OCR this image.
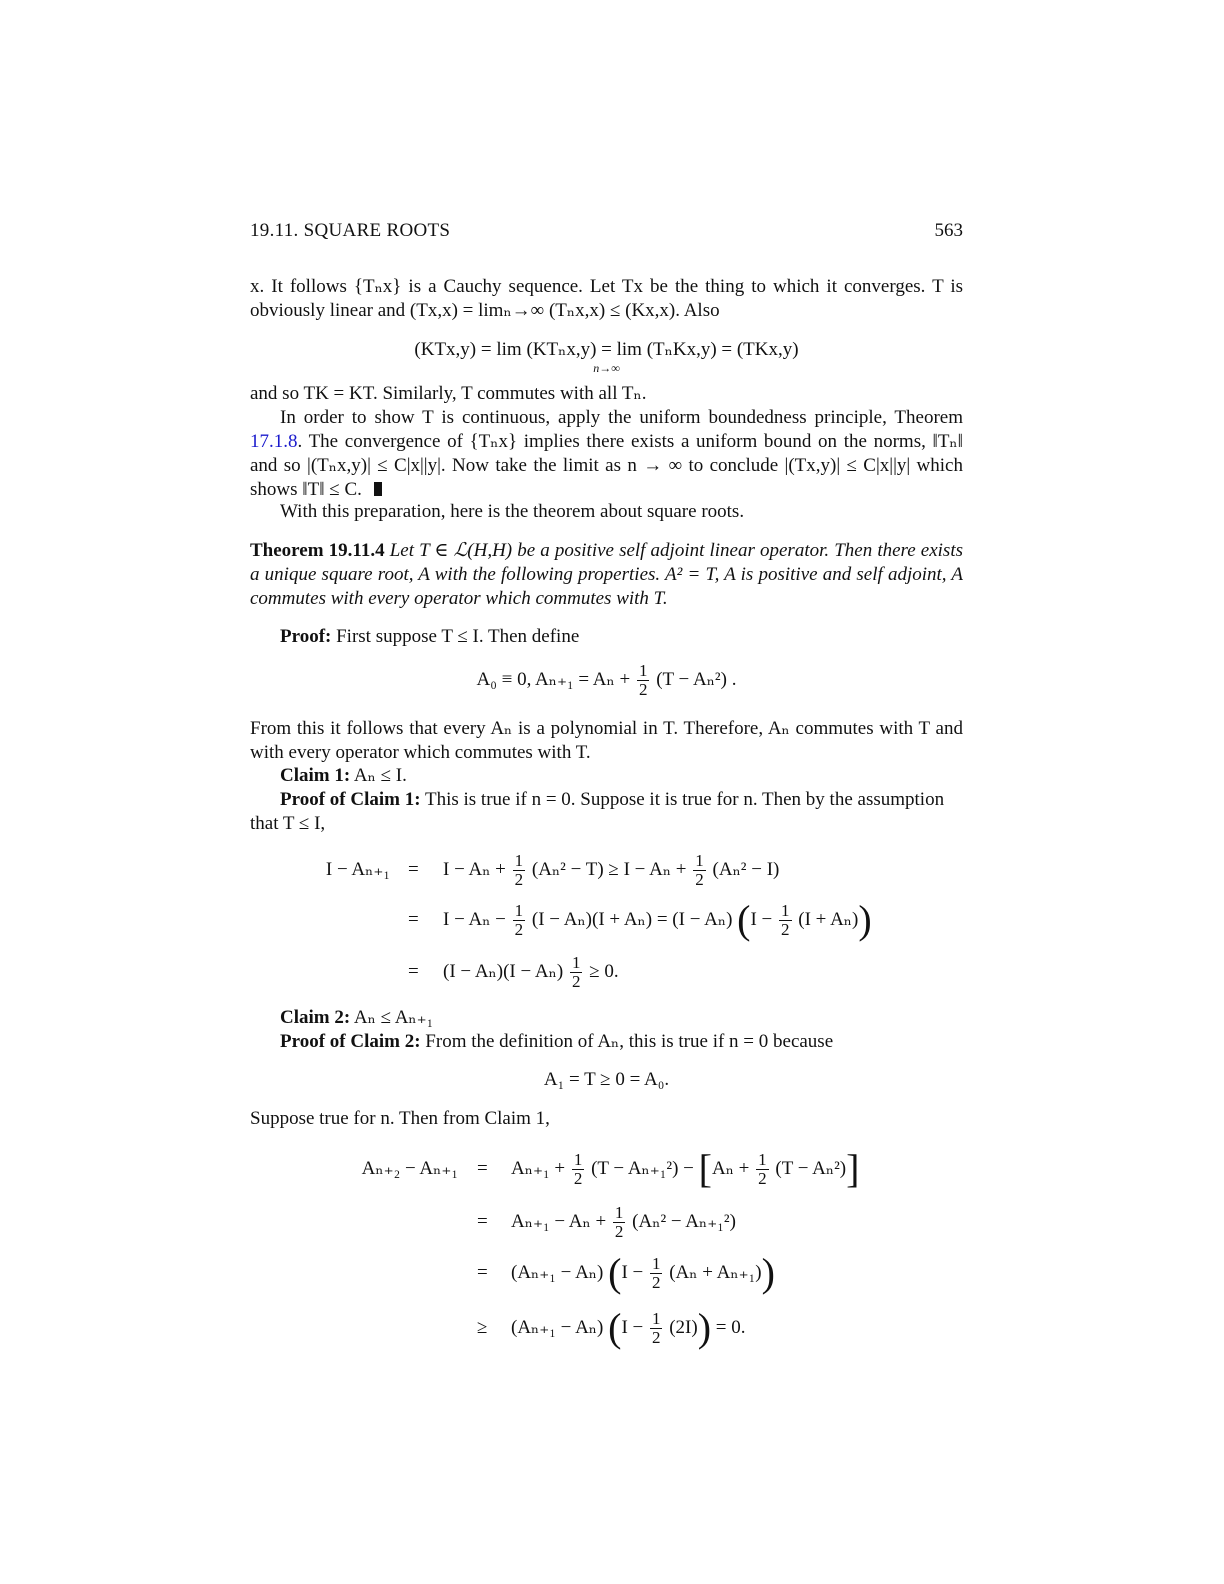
19.11. SQUARE ROOTS	563
x. It follows {Tₙx} is a Cauchy sequence. Let Tx be the thing to which it converges. T is obviously linear and (Tx,x) = limₙ→∞ (Tₙx,x) ≤ (Kx,x). Also
(KTx,y) = lim (KTₙx,y) = lim (TₙKx,y) = (TKx,y)
n→∞
and so TK = KT. Similarly, T commutes with all Tₙ.
In order to show T is continuous, apply the uniform boundedness principle, Theorem 17.1.8. The convergence of {Tₙx} implies there exists a uniform bound on the norms, ‖Tₙ‖ and so |(Tₙx,y)| ≤ C|x||y|. Now take the limit as n → ∞ to conclude |(Tx,y)| ≤ C|x||y| which shows ‖T‖ ≤ C.
With this preparation, here is the theorem about square roots.
Theorem 19.11.4 Let T ∈ ℒ(H,H) be a positive self adjoint linear operator. Then there exists a unique square root, A with the following properties. A² = T, A is positive and self adjoint, A commutes with every operator which commutes with T.
Proof: First suppose T ≤ I. Then define
A₀ ≡ 0, $A_{n+1} = A_n + \frac{1}{2} (T - A_n^2)$ .
From this it follows that every Aₙ is a polynomial in T. Therefore, Aₙ commutes with T and with every operator which commutes with T.
Claim 1: Aₙ ≤ I.
Proof of Claim 1: This is true if n = 0. Suppose it is true for n. Then by the assumption that T ≤ I,
$I - A_{n+1} = I - A_n + \frac{1}{2} (A_n^2 - T) \ge I - A_n + \frac{1}{2} (A_n^2 - I)$
= $I - A_n - \frac{1}{2} (I - A_n)(I + A_n) = (I - A_n) (I - \frac{1}{2} (I + A_n))$
= $(I - A_n)(I - A_n) \frac{1}{2} \ge 0$.
Claim 2: Aₙ ≤ Aₙ₊₁
Proof of Claim 2: From the definition of Aₙ, this is true if n = 0 because
A₁ = T ≥ 0 = A₀.
Suppose true for n. Then from Claim 1,
$A_{n+2} - A_{n+1} = A_{n+1} + \frac{1}{2} (T - A_{n+1}^2) - [A_n + \frac{1}{2} (T - A_n^2)]$
= $A_{n+1} - A_n + \frac{1}{2} (A_n^2 - A_{n+1}^2)$
= (Aₙ₊₁ − Aₙ) $(I - \frac{1}{2} (A_n + A_{n+1}))$
≥ (Aₙ₊₁ − Aₙ) $(I - \frac{1}{2} (2I)) = 0$.
